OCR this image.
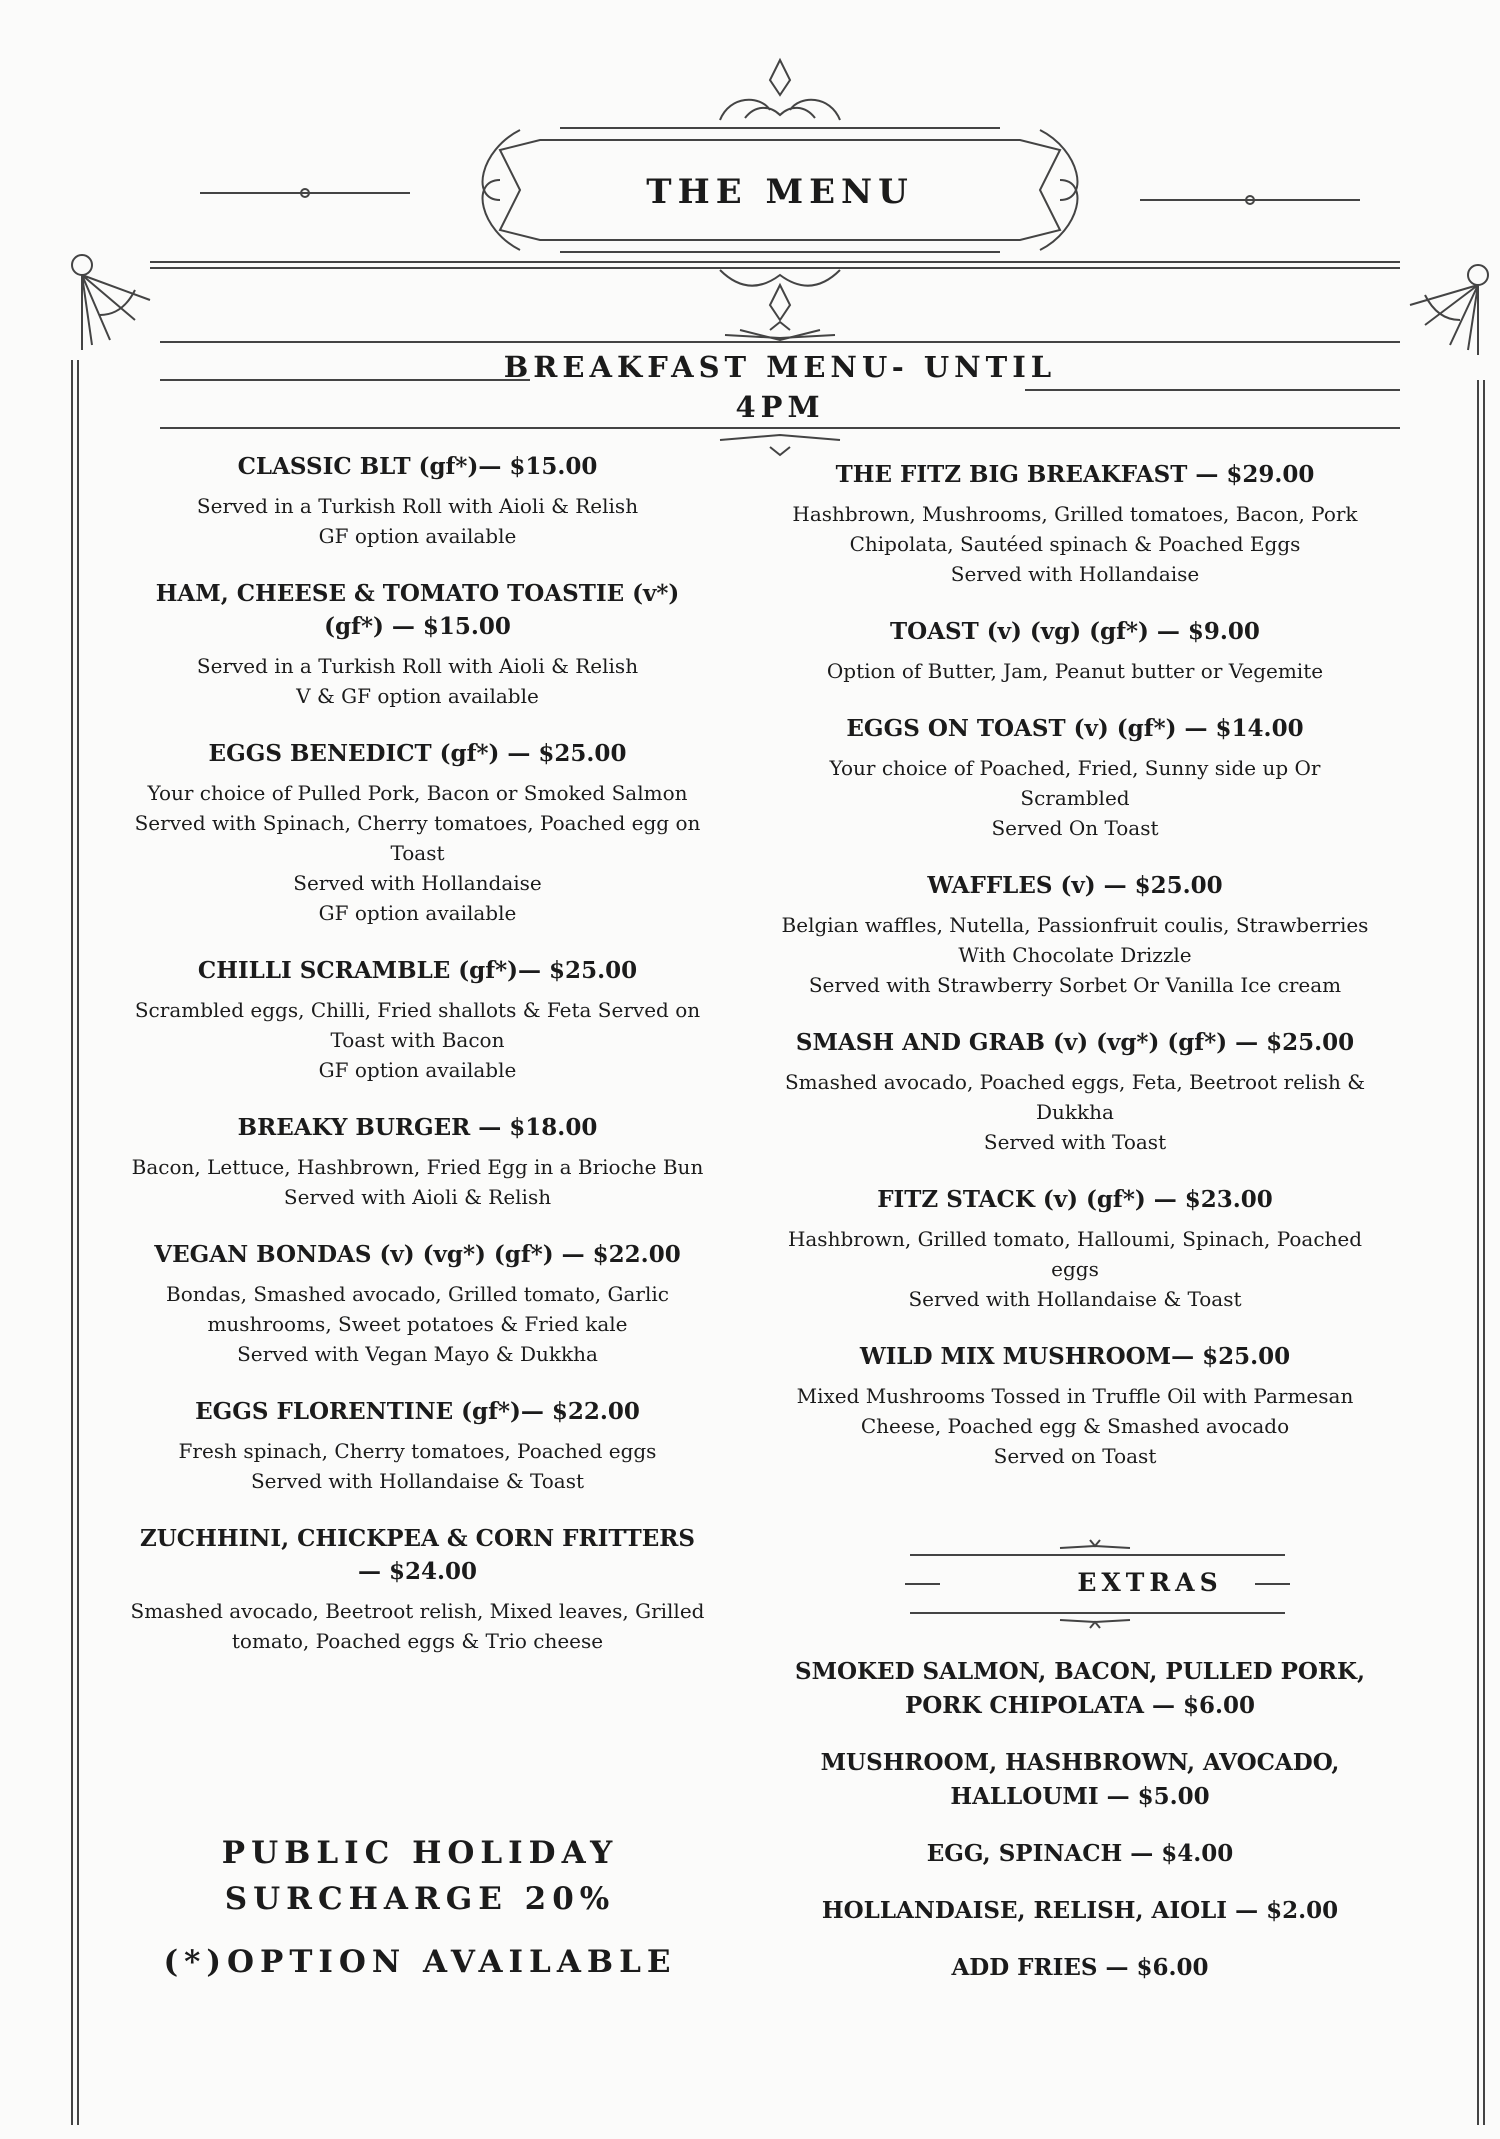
THE MENU
BREAKFAST MENU- UNTIL
4PM
CLASSIC BLT (gf*)— $15.00
Served in a Turkish Roll with Aioli & Relish
GF option available
HAM, CHEESE & TOMATO TOASTIE (v*)(gf*) — $15.00
Served in a Turkish Roll with Aioli & Relish
V & GF option available
EGGS BENEDICT (gf*) — $25.00
Your choice of Pulled Pork, Bacon or Smoked Salmon
Served with Spinach, Cherry tomatoes, Poached egg on Toast
Served with Hollandaise
GF option available
CHILLI SCRAMBLE (gf*)— $25.00
Scrambled eggs, Chilli, Fried shallots & Feta Served on Toast with Bacon
GF option available
BREAKY BURGER — $18.00
Bacon, Lettuce, Hashbrown, Fried Egg in a Brioche Bun
Served with Aioli & Relish
VEGAN BONDAS (v) (vg*) (gf*) — $22.00
Bondas, Smashed avocado, Grilled tomato, Garlic mushrooms, Sweet potatoes & Fried kale
Served with Vegan Mayo & Dukkha
EGGS FLORENTINE (gf*)— $22.00
Fresh spinach, Cherry tomatoes, Poached eggs
Served with Hollandaise & Toast
ZUCHHINI, CHICKPEA & CORN FRITTERS — $24.00
Smashed avocado, Beetroot relish, Mixed leaves, Grilled tomato, Poached eggs & Trio cheese
THE FITZ BIG BREAKFAST — $29.00
Hashbrown, Mushrooms, Grilled tomatoes, Bacon, Pork Chipolata, Sautéed spinach & Poached Eggs
Served with Hollandaise
TOAST (v) (vg) (gf*) — $9.00
Option of Butter, Jam, Peanut butter or Vegemite
EGGS ON TOAST (v) (gf*) — $14.00
Your choice of Poached, Fried, Sunny side up Or Scrambled
Served On Toast
WAFFLES (v) — $25.00
Belgian waffles, Nutella, Passionfruit coulis, Strawberries With Chocolate Drizzle
Served with Strawberry Sorbet Or Vanilla Ice cream
SMASH AND GRAB (v) (vg*) (gf*) — $25.00
Smashed avocado, Poached eggs, Feta, Beetroot relish & Dukkha
Served with Toast
FITZ STACK (v) (gf*) — $23.00
Hashbrown, Grilled tomato, Halloumi, Spinach, Poached eggs
Served with Hollandaise & Toast
WILD MIX MUSHROOM— $25.00
Mixed Mushrooms Tossed in Truffle Oil with Parmesan Cheese, Poached egg & Smashed avocado
Served on Toast
EXTRAS
SMOKED SALMON, BACON, PULLED PORK, PORK CHIPOLATA — $6.00
MUSHROOM, HASHBROWN, AVOCADO, HALLOUMI — $5.00
EGG, SPINACH — $4.00
HOLLANDAISE, RELISH, AIOLI — $2.00
ADD FRIES — $6.00
PUBLIC HOLIDAY
SURCHARGE 20%
(*)OPTION AVAILABLE
